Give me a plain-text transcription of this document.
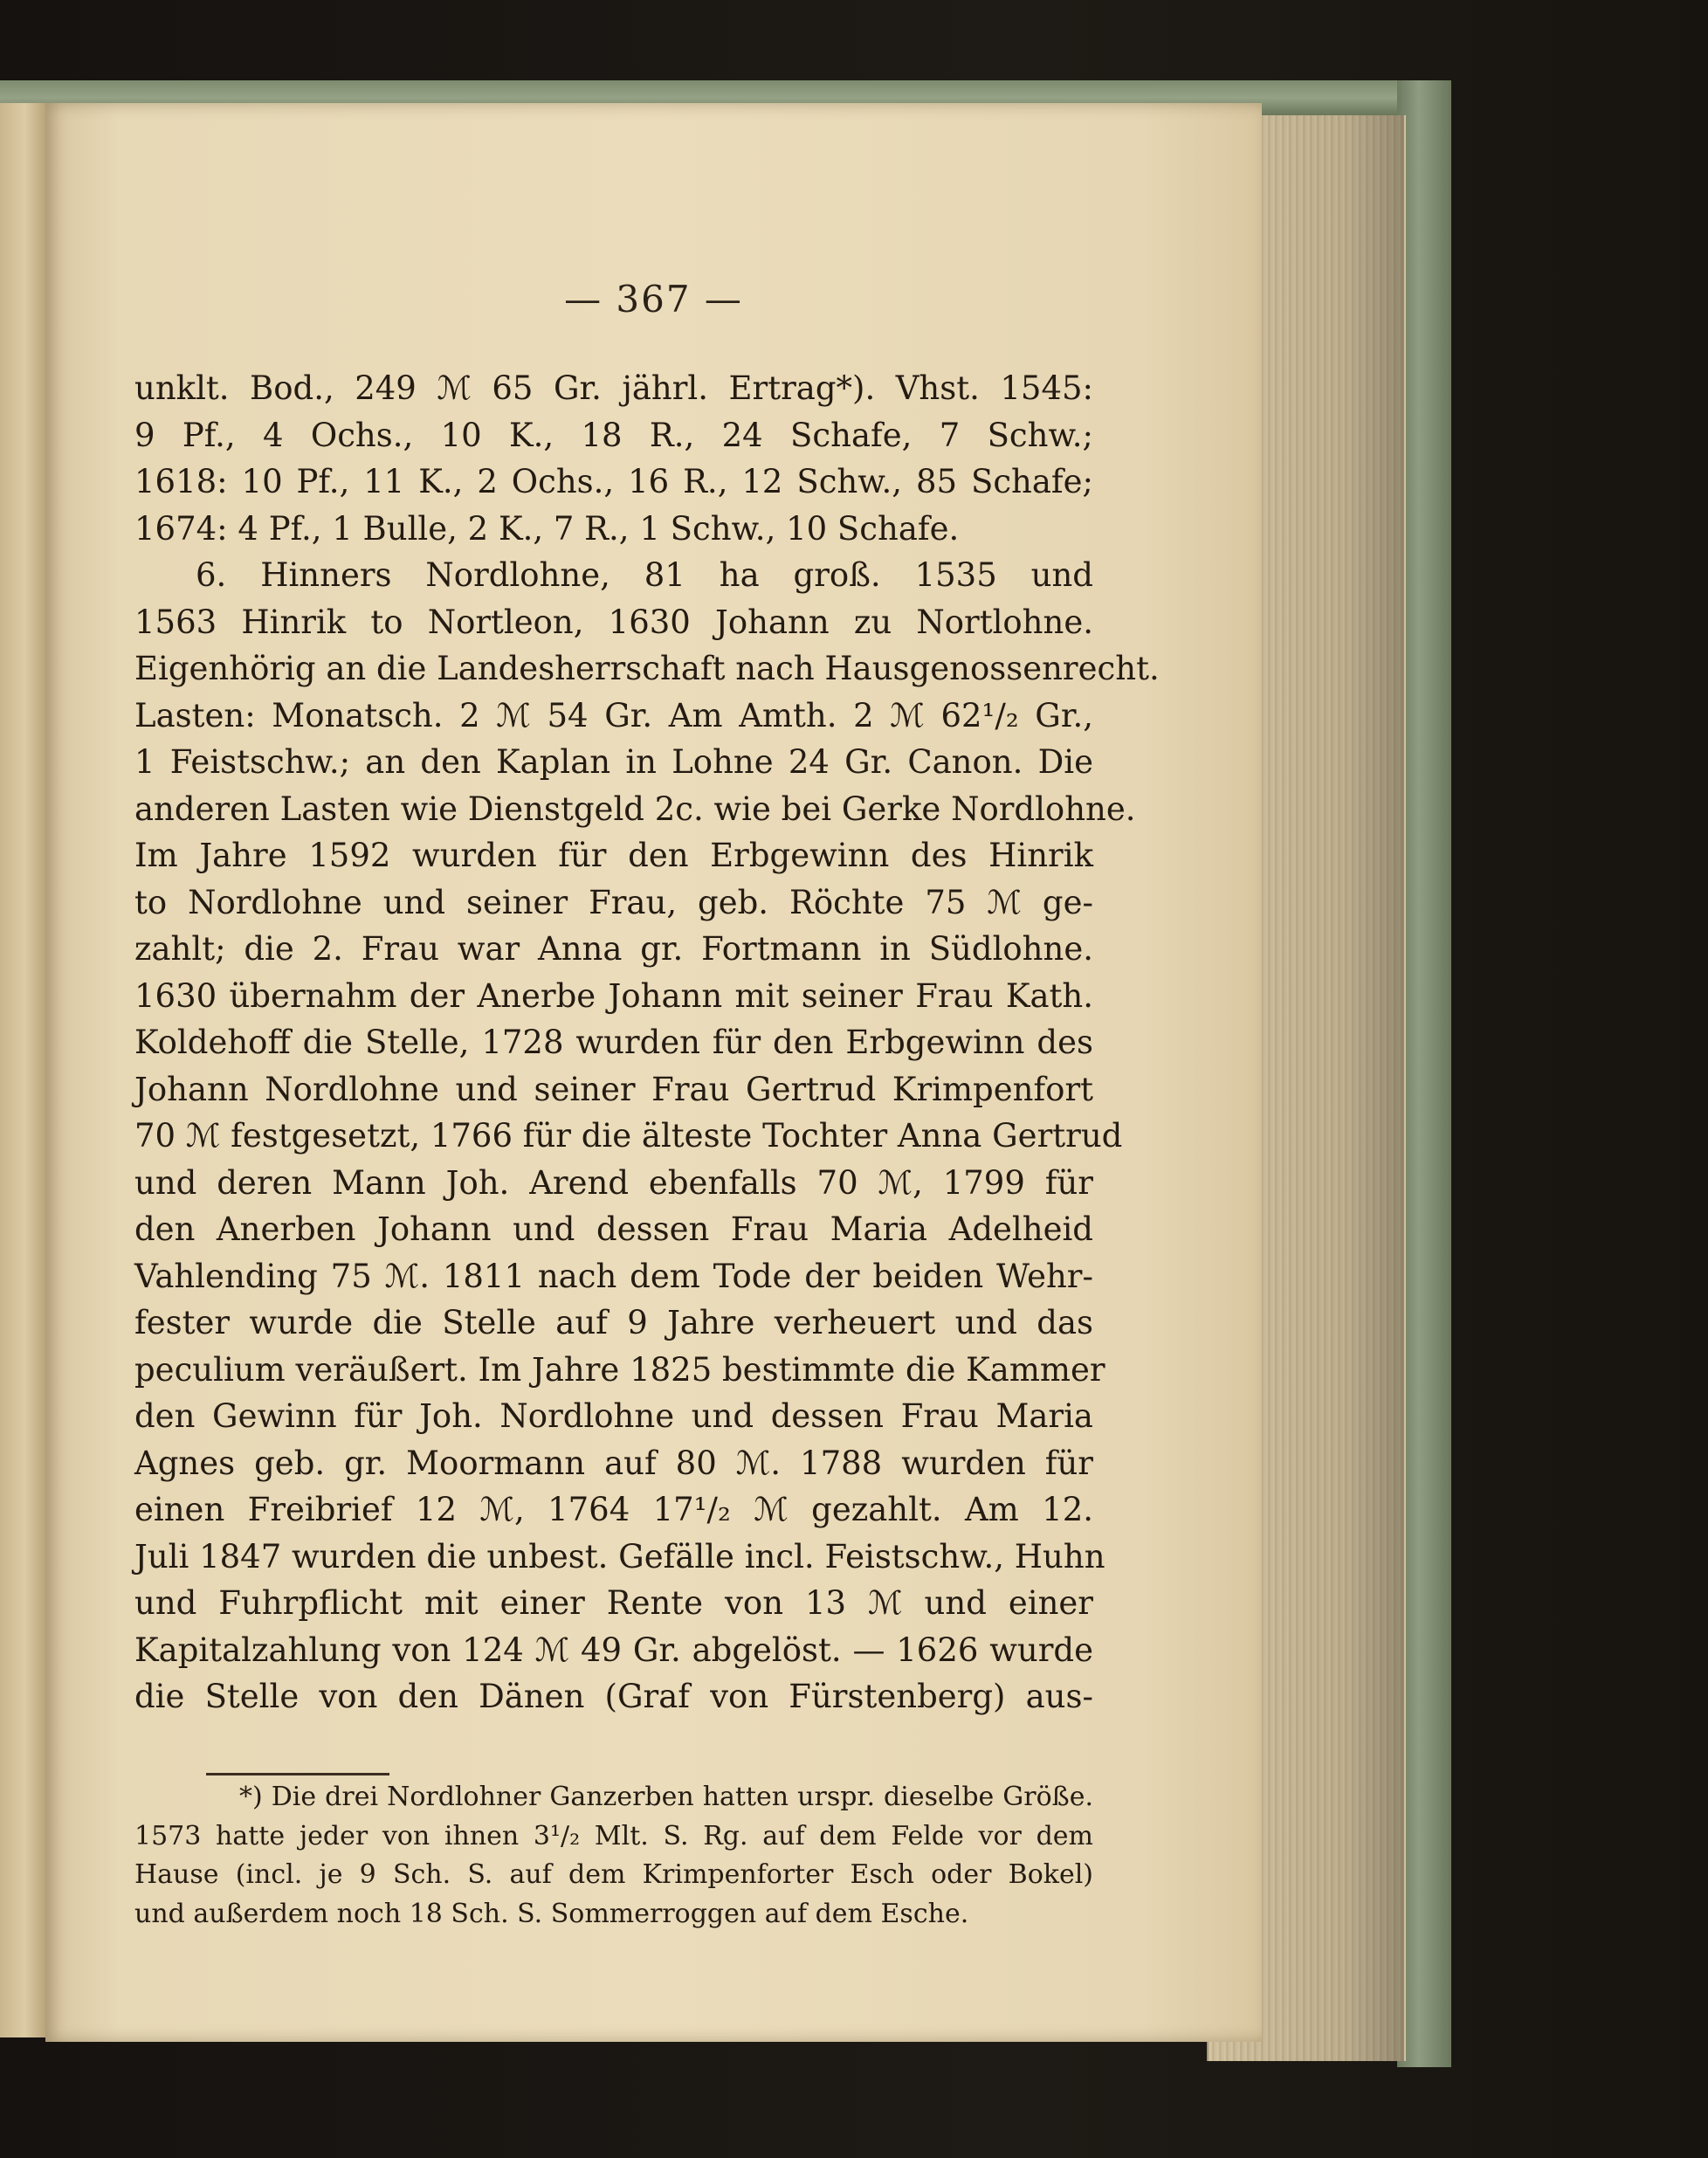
— 367 —
unklt. Bod., 249 ℳ 65 Gr. jährl. Ertrag*). Vhst. 1545:
9 Pf., 4 Ochs., 10 K., 18 R., 24 Schafe, 7 Schw.;
1618: 10 Pf., 11 K., 2 Ochs., 16 R., 12 Schw., 85 Schafe;
1674: 4 Pf., 1 Bulle, 2 K., 7 R., 1 Schw., 10 Schafe.
6. Hinners Nordlohne, 81 ha groß. 1535 und
1563 Hinrik to Nortleon, 1630 Johann zu Nortlohne.
Eigenhörig an die Landesherrschaft nach Hausgenossenrecht.
Lasten: Monatsch. 2 ℳ 54 Gr. Am Amth. 2 ℳ 62¹/₂ Gr.,
1 Feistschw.; an den Kaplan in Lohne 24 Gr. Canon. Die
anderen Lasten wie Dienstgeld 2c. wie bei Gerke Nordlohne.
Im Jahre 1592 wurden für den Erbgewinn des Hinrik
to Nordlohne und seiner Frau, geb. Röchte 75 ℳ ge-
zahlt; die 2. Frau war Anna gr. Fortmann in Südlohne.
1630 übernahm der Anerbe Johann mit seiner Frau Kath.
Koldehoff die Stelle, 1728 wurden für den Erbgewinn des
Johann Nordlohne und seiner Frau Gertrud Krimpenfort
70 ℳ festgesetzt, 1766 für die älteste Tochter Anna Gertrud
und deren Mann Joh. Arend ebenfalls 70 ℳ, 1799 für
den Anerben Johann und dessen Frau Maria Adelheid
Vahlending 75 ℳ. 1811 nach dem Tode der beiden Wehr-
fester wurde die Stelle auf 9 Jahre verheuert und das
peculium veräußert. Im Jahre 1825 bestimmte die Kammer
den Gewinn für Joh. Nordlohne und dessen Frau Maria
Agnes geb. gr. Moormann auf 80 ℳ. 1788 wurden für
einen Freibrief 12 ℳ, 1764 17¹/₂ ℳ gezahlt. Am 12.
Juli 1847 wurden die unbest. Gefälle incl. Feistschw., Huhn
und Fuhrpflicht mit einer Rente von 13 ℳ und einer
Kapitalzahlung von 124 ℳ 49 Gr. abgelöst. — 1626 wurde
die Stelle von den Dänen (Graf von Fürstenberg) aus-
*) Die drei Nordlohner Ganzerben hatten urspr. dieselbe Größe.
1573 hatte jeder von ihnen 3¹/₂ Mlt. S. Rg. auf dem Felde vor dem
Hause (incl. je 9 Sch. S. auf dem Krimpenforter Esch oder Bokel)
und außerdem noch 18 Sch. S. Sommerroggen auf dem Esche.
